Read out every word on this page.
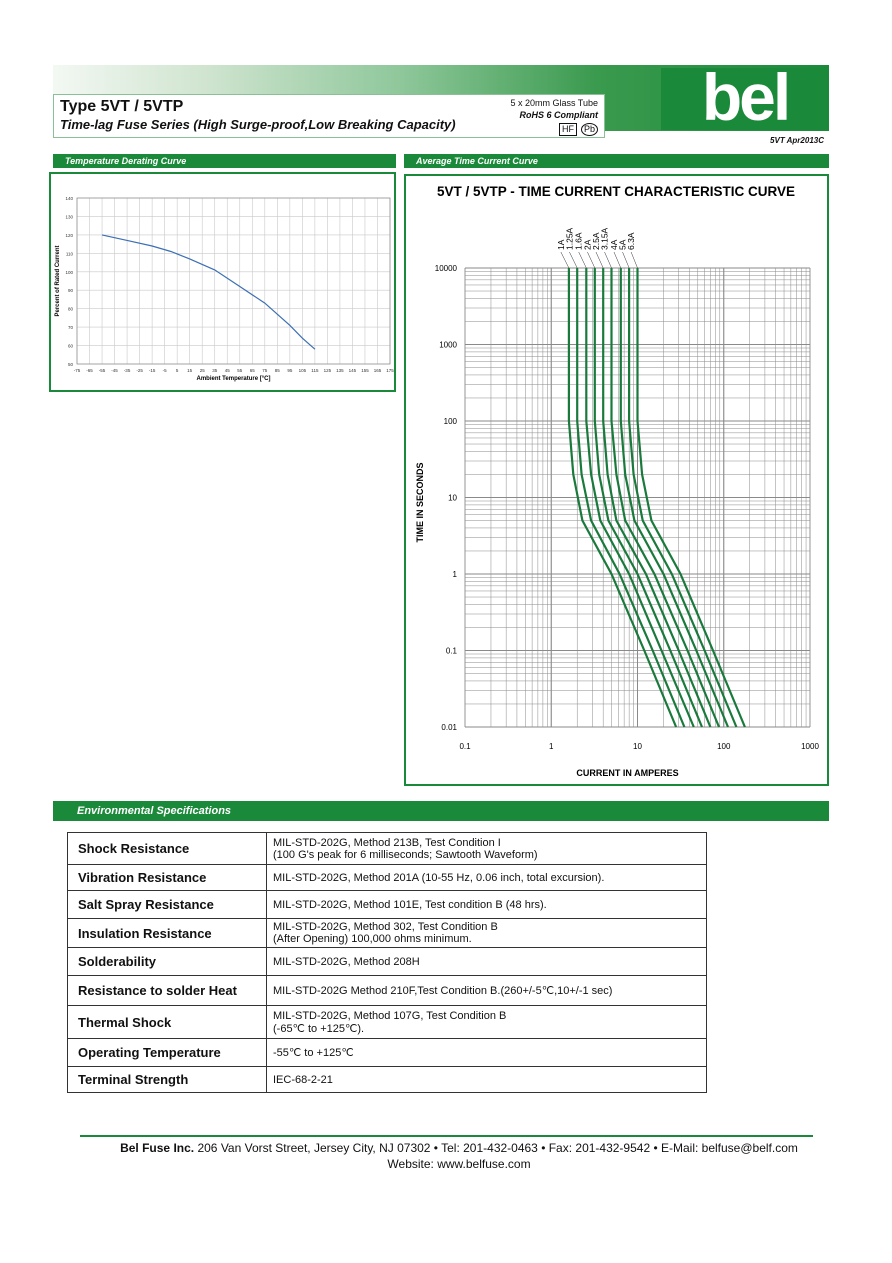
Type 5VT / 5VTP
Time-lag Fuse Series (High Surge-proof,Low Breaking Capacity)
5 x 20mm Glass Tube
RoHS 6 Compliant
HF	Pb bel
5VT Apr2013C
Temperature Derating Curve	Average Time Current Curve
-75 -65 -55 -45 -35 -25 -15 -5 5 15 25 35 45 55 65 75 85 95 105 115 125 135 145 155 165 175
50
60
70
80
90
100
110
120
130
140
Ambient Temperature [°C]
Percent of Rated Current
5VT / 5VTP - TIME CURRENT CHARACTERISTIC CURVE
0.1	1	10	100	1000
0.01
0.1
1
10
100
1000
10000
1A
1.25A 1.6A
2A
2.5A
3.15A 4A
5A
6.3A
CURRENT IN AMPERES
TIME IN SECONDS
Environmental Specifications
Shock Resistance	MIL-STD-202G, Method 213B, Test Condition I
(100 G's peak for 6 milliseconds; Sawtooth Waveform)

Vibration Resistance	MIL-STD-202G, Method 201A (10-55 Hz, 0.06 inch, total excursion).

Salt Spray Resistance	MIL-STD-202G, Method 101E, Test condition B (48 hrs).

Insulation Resistance	MIL-STD-202G, Method 302, Test Condition B
(After Opening) 100,000 ohms minimum.

Solderability	MIL-STD-202G, Method 208H

Resistance to solder Heat	MIL-STD-202G Method 210F,Test Condition B.(260+/-5℃,10+/-1 sec)

Thermal Shock	MIL-STD-202G, Method 107G, Test Condition B
(-65℃ to +125℃).

Operating Temperature	-55℃ to +125℃

Terminal Strength	IEC-68-2-21
Bel Fuse Inc. 206 Van Vorst Street, Jersey City, NJ 07302 • Tel: 201-432-0463 • Fax: 201-432-9542 • E-Mail: belfuse@belf.com
Website: www.belfuse.com
